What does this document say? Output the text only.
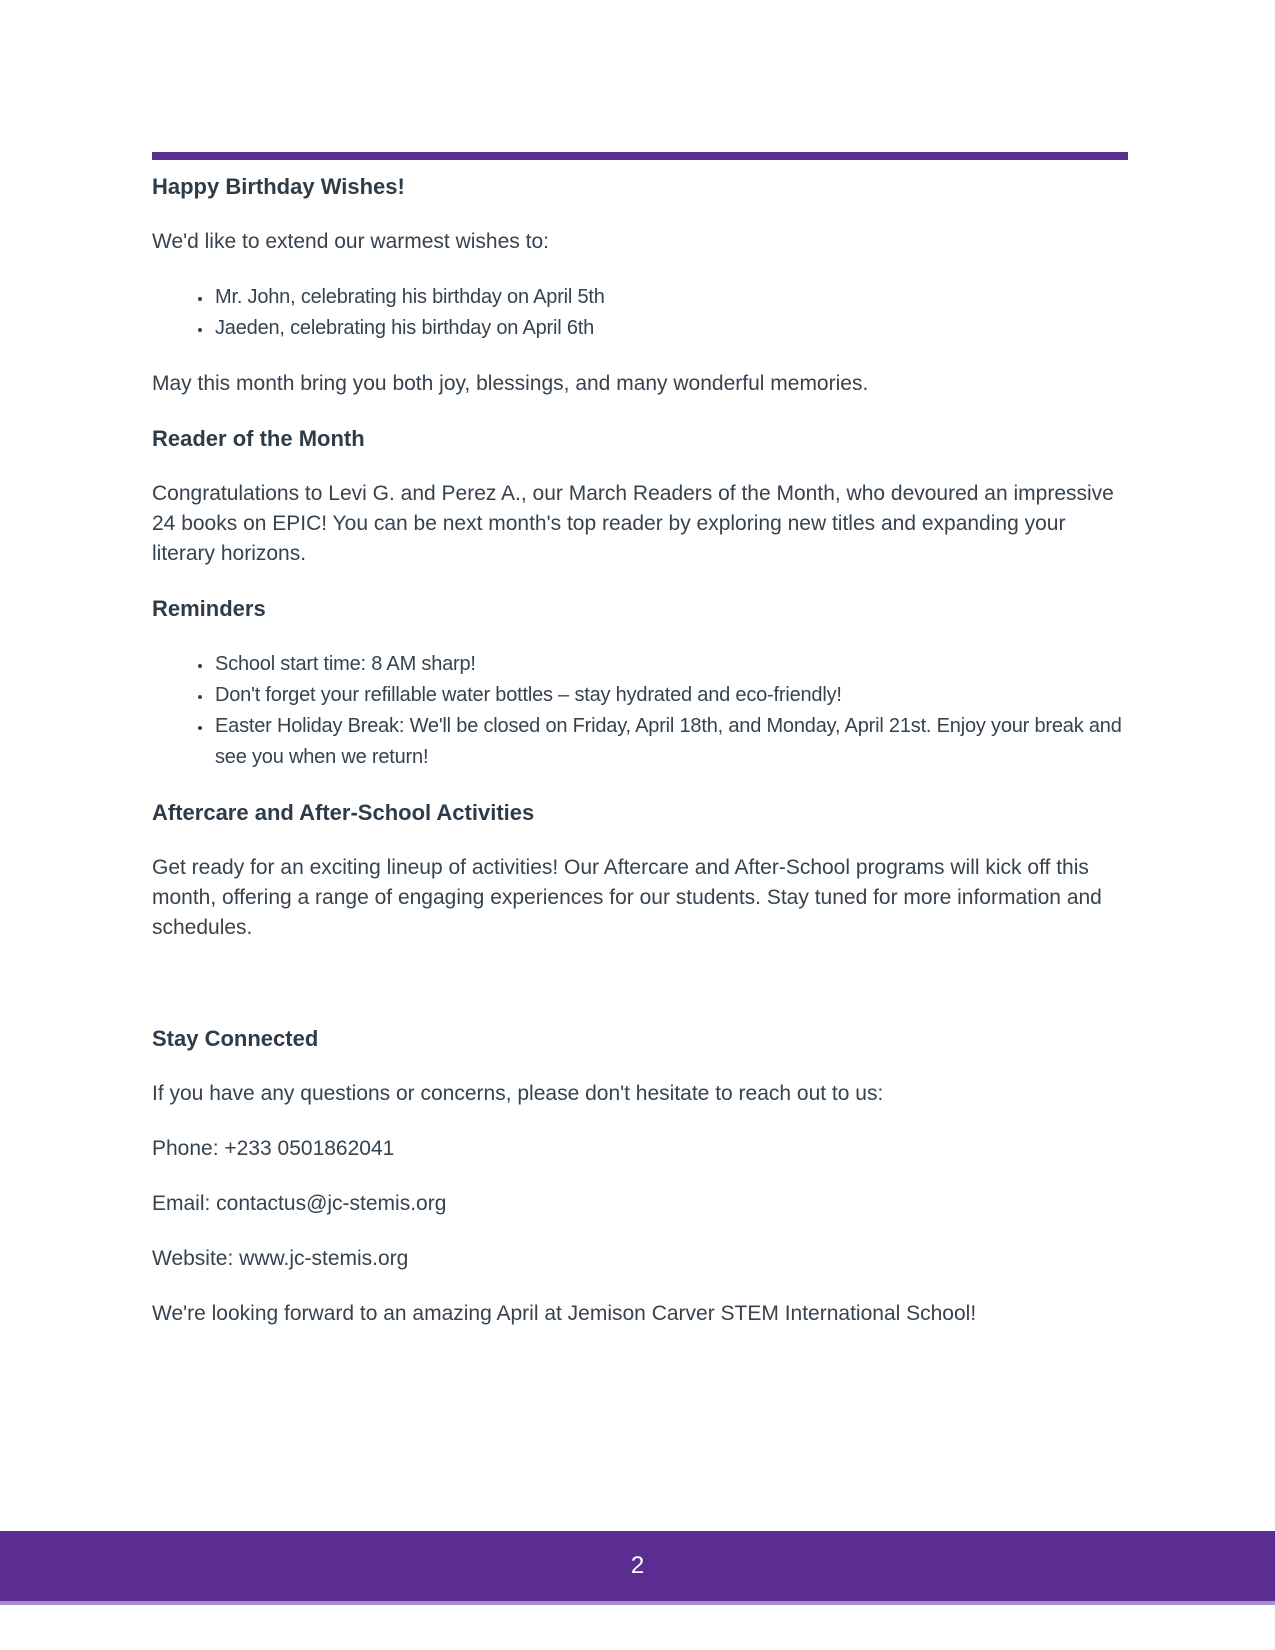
Happy Birthday Wishes!

We'd like to extend our warmest wishes to:

• Mr. John, celebrating his birthday on April 5th
• Jaeden, celebrating his birthday on April 6th

May this month bring you both joy, blessings, and many wonderful memories.

Reader of the Month

Congratulations to Levi G. and Perez A., our March Readers of the Month, who devoured an impressive 24 books on EPIC! You can be next month's top reader by exploring new titles and expanding your literary horizons.

Reminders
• School start time: 8 AM sharp!
• Don't forget your refillable water bottles – stay hydrated and eco-friendly!
• Easter Holiday Break: We'll be closed on Friday, April 18th, and Monday, April 21st. Enjoy your break and see you when we return!
Aftercare and After-School Activities

Get ready for an exciting lineup of activities! Our Aftercare and After-School programs will kick off this month, offering a range of engaging experiences for our students. Stay tuned for more information and schedules.

Stay Connected

If you have any questions or concerns, please don't hesitate to reach out to us:

Phone: +233 0501862041

Email: contactus@jc-stemis.org

Website: www.jc-stemis.org

We're looking forward to an amazing April at Jemison Carver STEM International School!

2
